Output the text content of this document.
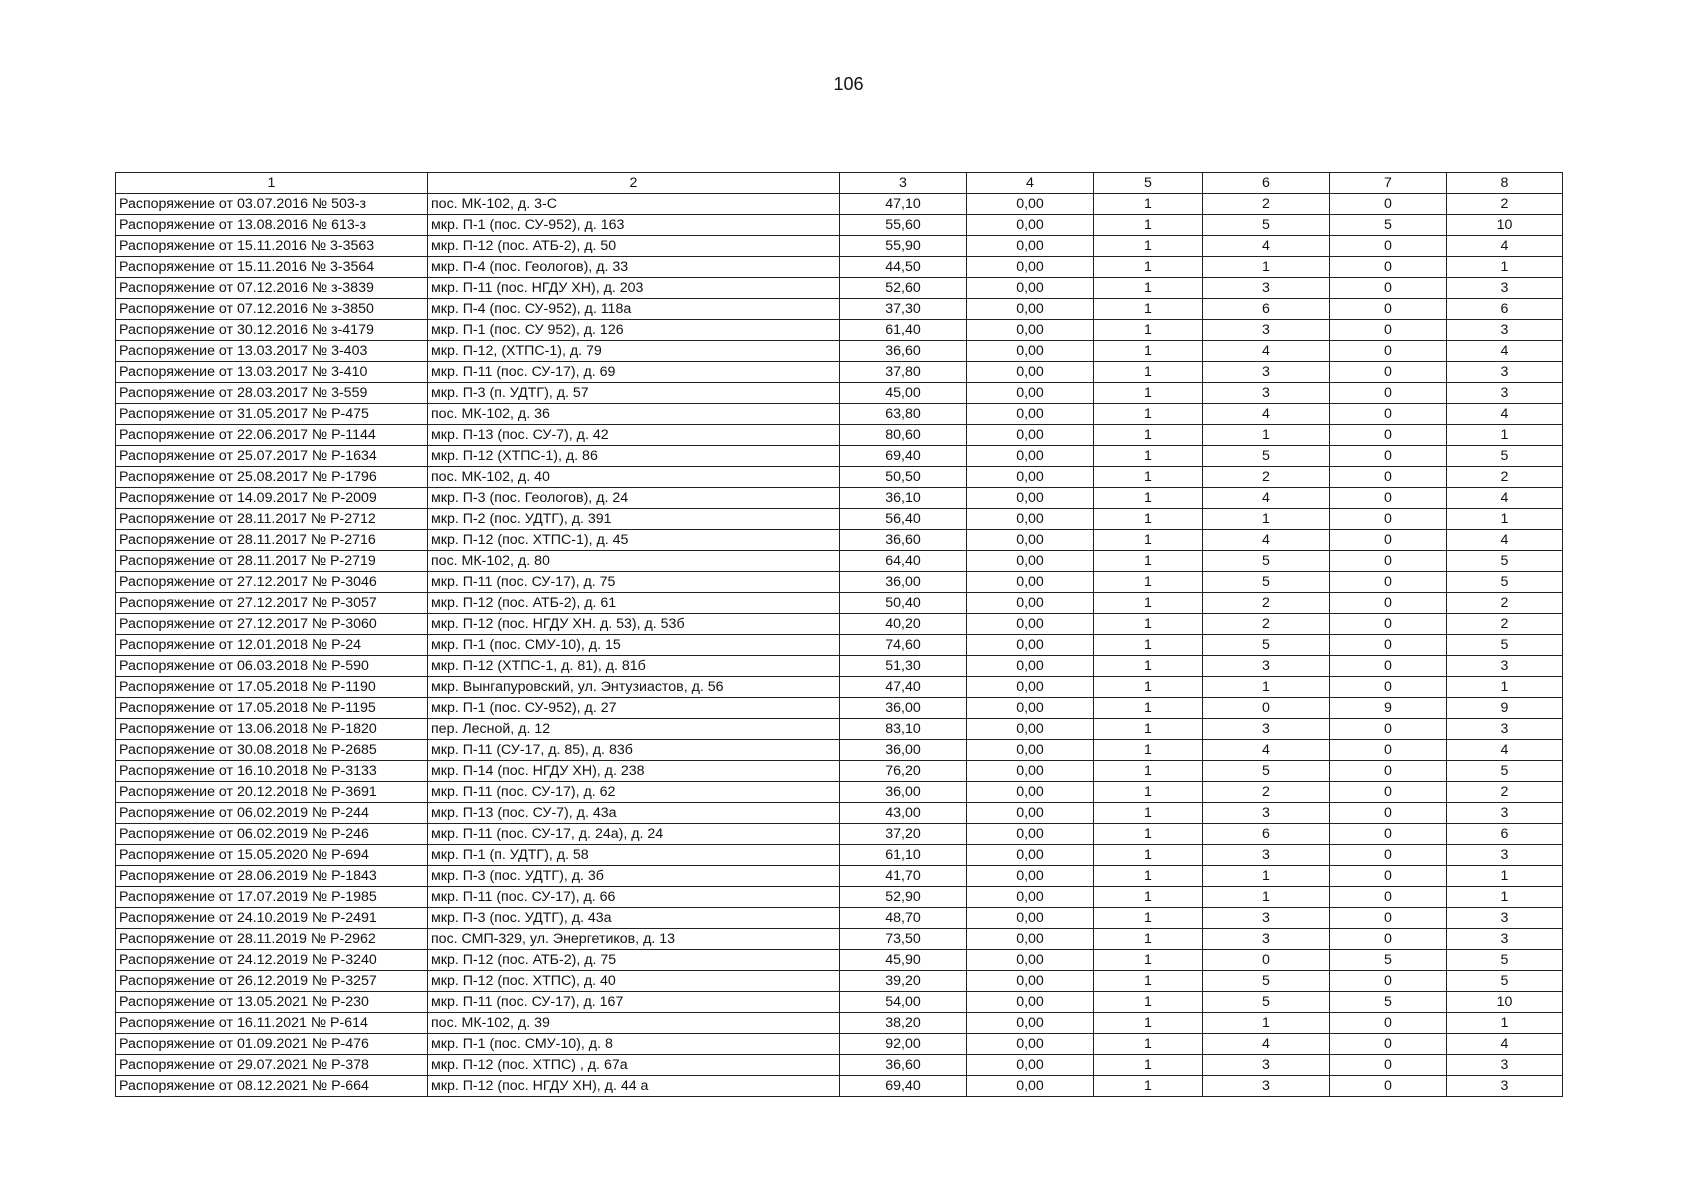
106
1	2	3	4	5	6	7	8
Распоряжение от 03.07.2016 № 503-з	пос. МК-102, д. 3-С	47,10	0,00	1	2	0	2
Распоряжение от 13.08.2016 № 613-з	мкр. П-1 (пос. СУ-952), д. 163	55,60	0,00	1	5	5	10
Распоряжение от 15.11.2016 № 3-3563	мкр. П-12 (пос. АТБ-2), д. 50	55,90	0,00	1	4	0	4
Распоряжение от 15.11.2016 № 3-3564	мкр. П-4 (пос. Геологов), д. 33	44,50	0,00	1	1	0	1
Распоряжение от 07.12.2016 № з-3839	мкр. П-11 (пос. НГДУ ХН), д. 203	52,60	0,00	1	3	0	3
Распоряжение от 07.12.2016 № з-3850	мкр. П-4 (пос. СУ-952), д. 118а	37,30	0,00	1	6	0	6
Распоряжение от 30.12.2016 № з-4179	мкр. П-1 (пос. СУ 952), д. 126	61,40	0,00	1	3	0	3
Распоряжение от 13.03.2017 № 3-403	мкр. П-12, (ХТПС-1), д. 79	36,60	0,00	1	4	0	4
Распоряжение от 13.03.2017 № 3-410	мкр. П-11 (пос. СУ-17), д. 69	37,80	0,00	1	3	0	3
Распоряжение от 28.03.2017 № 3-559	мкр. П-3 (п. УДТГ), д. 57	45,00	0,00	1	3	0	3
Распоряжение от 31.05.2017 № Р-475	пос. МК-102, д. 36	63,80	0,00	1	4	0	4
Распоряжение от 22.06.2017 № Р-1144	мкр. П-13 (пос. СУ-7), д. 42	80,60	0,00	1	1	0	1
Распоряжение от 25.07.2017 № Р-1634	мкр. П-12 (ХТПС-1), д. 86	69,40	0,00	1	5	0	5
Распоряжение от 25.08.2017 № Р-1796	пос. МК-102, д. 40	50,50	0,00	1	2	0	2
Распоряжение от 14.09.2017 № Р-2009	мкр. П-3 (пос. Геологов), д. 24	36,10	0,00	1	4	0	4
Распоряжение от 28.11.2017 № Р-2712	мкр. П-2 (пос. УДТГ), д. 391	56,40	0,00	1	1	0	1
Распоряжение от 28.11.2017 № Р-2716	мкр. П-12 (пос. ХТПС-1), д. 45	36,60	0,00	1	4	0	4
Распоряжение от 28.11.2017 № Р-2719	пос. МК-102, д. 80	64,40	0,00	1	5	0	5
Распоряжение от 27.12.2017 № Р-3046	мкр. П-11 (пос. СУ-17), д. 75	36,00	0,00	1	5	0	5
Распоряжение от 27.12.2017 № Р-3057	мкр. П-12 (пос. АТБ-2), д. 61	50,40	0,00	1	2	0	2
Распоряжение от 27.12.2017 № Р-3060	мкр. П-12 (пос. НГДУ ХН. д. 53), д. 53б	40,20	0,00	1	2	0	2
Распоряжение от 12.01.2018 № Р-24	мкр. П-1 (пос. СМУ-10), д. 15	74,60	0,00	1	5	0	5
Распоряжение от 06.03.2018 № Р-590	мкр. П-12 (ХТПС-1, д. 81), д. 81б	51,30	0,00	1	3	0	3
Распоряжение от 17.05.2018 № Р-1190	мкр. Вынгапуровский, ул. Энтузиастов, д. 56	47,40	0,00	1	1	0	1
Распоряжение от 17.05.2018 № Р-1195	мкр. П-1 (пос. СУ-952), д. 27	36,00	0,00	1	0	9	9
Распоряжение от 13.06.2018 № Р-1820	пер. Лесной, д. 12	83,10	0,00	1	3	0	3
Распоряжение от 30.08.2018 № Р-2685	мкр. П-11 (СУ-17, д. 85), д. 83б	36,00	0,00	1	4	0	4
Распоряжение от 16.10.2018 № Р-3133	мкр. П-14 (пос. НГДУ ХН), д. 238	76,20	0,00	1	5	0	5
Распоряжение от 20.12.2018 № Р-3691	мкр. П-11 (пос. СУ-17), д. 62	36,00	0,00	1	2	0	2
Распоряжение от 06.02.2019 № Р-244	мкр. П-13 (пос. СУ-7), д. 43а	43,00	0,00	1	3	0	3
Распоряжение от 06.02.2019 № Р-246	мкр. П-11 (пос. СУ-17, д. 24а), д. 24	37,20	0,00	1	6	0	6
Распоряжение от 15.05.2020 № Р-694	мкр. П-1 (п. УДТГ), д. 58	61,10	0,00	1	3	0	3
Распоряжение от 28.06.2019 № Р-1843	мкр. П-3 (пос. УДТГ), д. 3б	41,70	0,00	1	1	0	1
Распоряжение от 17.07.2019 № Р-1985	мкр. П-11 (пос. СУ-17), д. 66	52,90	0,00	1	1	0	1
Распоряжение от 24.10.2019 № Р-2491	мкр. П-3 (пос. УДТГ), д. 43а	48,70	0,00	1	3	0	3
Распоряжение от 28.11.2019 № Р-2962	пос. СМП-329, ул. Энергетиков, д. 13	73,50	0,00	1	3	0	3
Распоряжение от 24.12.2019 № Р-3240	мкр. П-12 (пос. АТБ-2), д. 75	45,90	0,00	1	0	5	5
Распоряжение от 26.12.2019 № Р-3257	мкр. П-12 (пос. ХТПС), д. 40	39,20	0,00	1	5	0	5
Распоряжение от 13.05.2021 № Р-230	мкр. П-11 (пос. СУ-17), д. 167	54,00	0,00	1	5	5	10
Распоряжение от 16.11.2021 № Р-614	пос. МК-102, д. 39	38,20	0,00	1	1	0	1
Распоряжение от 01.09.2021 № Р-476	мкр. П-1 (пос. СМУ-10), д. 8	92,00	0,00	1	4	0	4
Распоряжение от 29.07.2021 № Р-378	мкр. П-12 (пос. ХТПС) , д. 67а	36,60	0,00	1	3	0	3
Распоряжение от 08.12.2021 № Р-664	мкр. П-12 (пос. НГДУ ХН), д. 44 а	69,40	0,00	1	3	0	3
